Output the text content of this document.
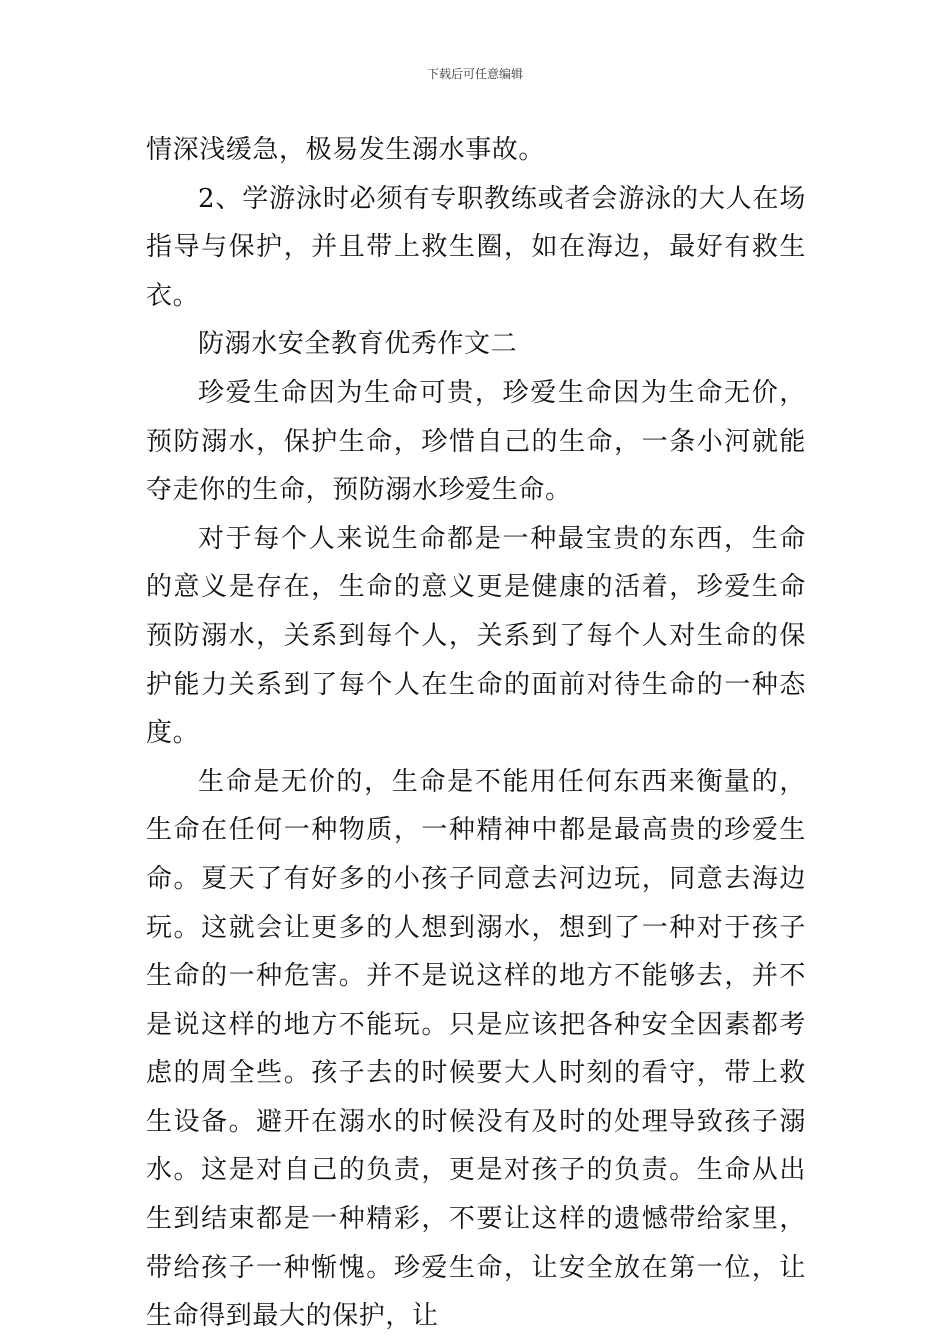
下载后可任意编辑

情深浅缓急，极易发生溺水事故。

2、学游泳时必须有专职教练或者会游泳的大人在场指导与保护，并且带上救生圈，如在海边，最好有救生衣。

防溺水安全教育优秀作文二

珍爱生命因为生命可贵，珍爱生命因为生命无价，预防溺水，保护生命，珍惜自己的生命，一条小河就能夺走你的生命，预防溺水珍爱生命。

对于每个人来说生命都是一种最宝贵的东西，生命的意义是存在，生命的意义更是健康的活着，珍爱生命预防溺水，关系到每个人，关系到了每个人对生命的保护能力关系到了每个人在生命的面前对待生命的一种态度。

生命是无价的，生命是不能用任何东西来衡量的，生命在任何一种物质，一种精神中都是最高贵的珍爱生命。夏天了有好多的小孩子同意去河边玩，同意去海边玩。这就会让更多的人想到溺水，想到了一种对于孩子生命的一种危害。并不是说这样的地方不能够去，并不是说这样的地方不能玩。只是应该把各种安全因素都考虑的周全些。孩子去的时候要大人时刻的看守，带上救生设备。避开在溺水的时候没有及时的处理导致孩子溺水。这是对自己的负责，更是对孩子的负责。生命从出生到结束都是一种精彩，不要让这样的遗憾带给家里，带给孩子一种惭愧。珍爱生命，让安全放在第一位，让生命得到最大的保护，让
